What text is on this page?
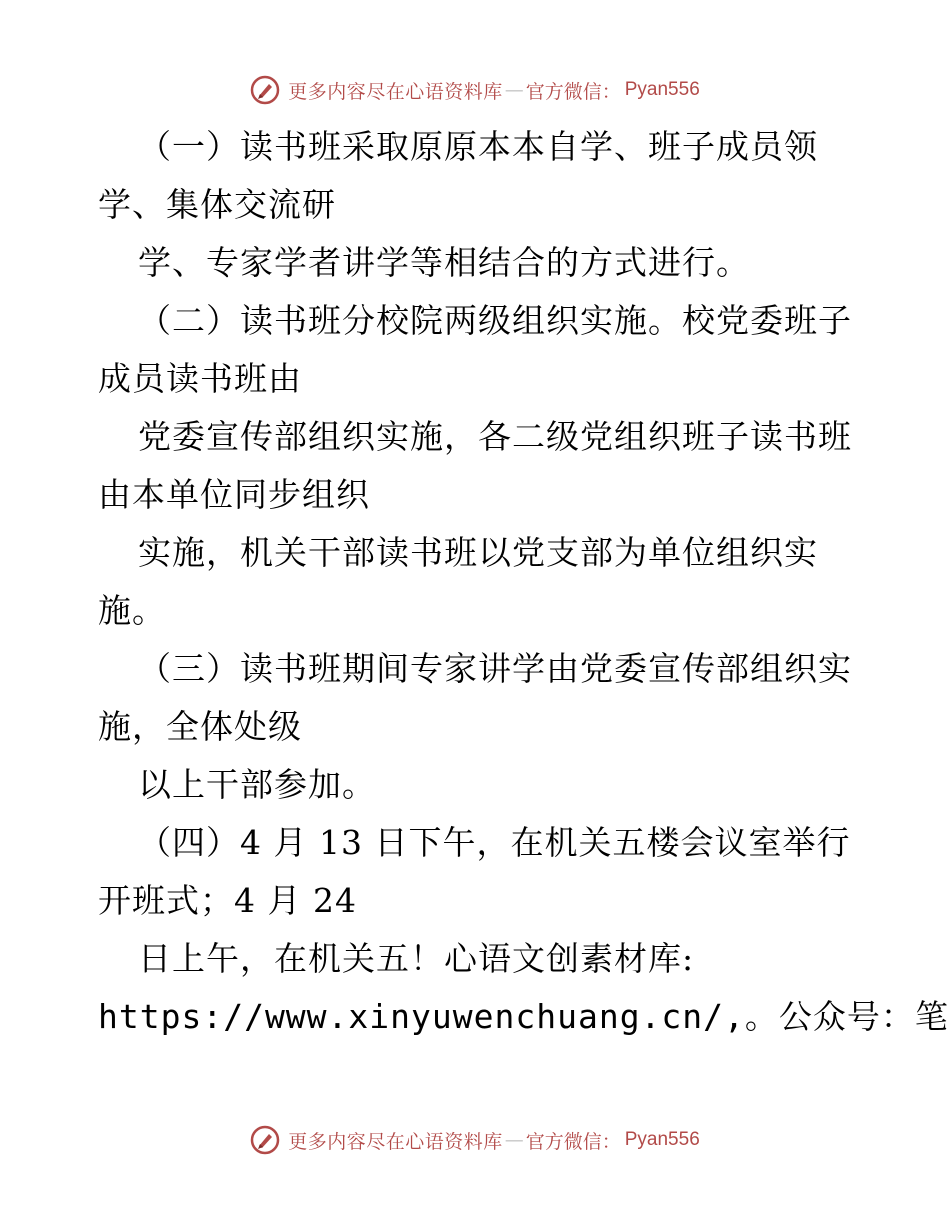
更多内容尽在心语资料库 — 官方微信： Pyan556
（一）读书班采取原原本本自学、班子成员领
学、集体交流研
学、专家学者讲学等相结合的方式进行。
（二）读书班分校院两级组织实施。校党委班子
成员读书班由
党委宣传部组织实施，各二级党组织班子读书班
由本单位同步组织
实施，机关干部读书班以党支部为单位组织实
施。
（三）读书班期间专家讲学由党委宣传部组织实
施，全体处级
以上干部参加。
（四）4 月 13 日下午，在机关五楼会议室举行
开班式；4 月 24
日上午，在机关五！心语文创素材库:
https://www.xinyuwenchuang.cn/,。公众号：笔
更多内容尽在心语资料库 — 官方微信： Pyan556
